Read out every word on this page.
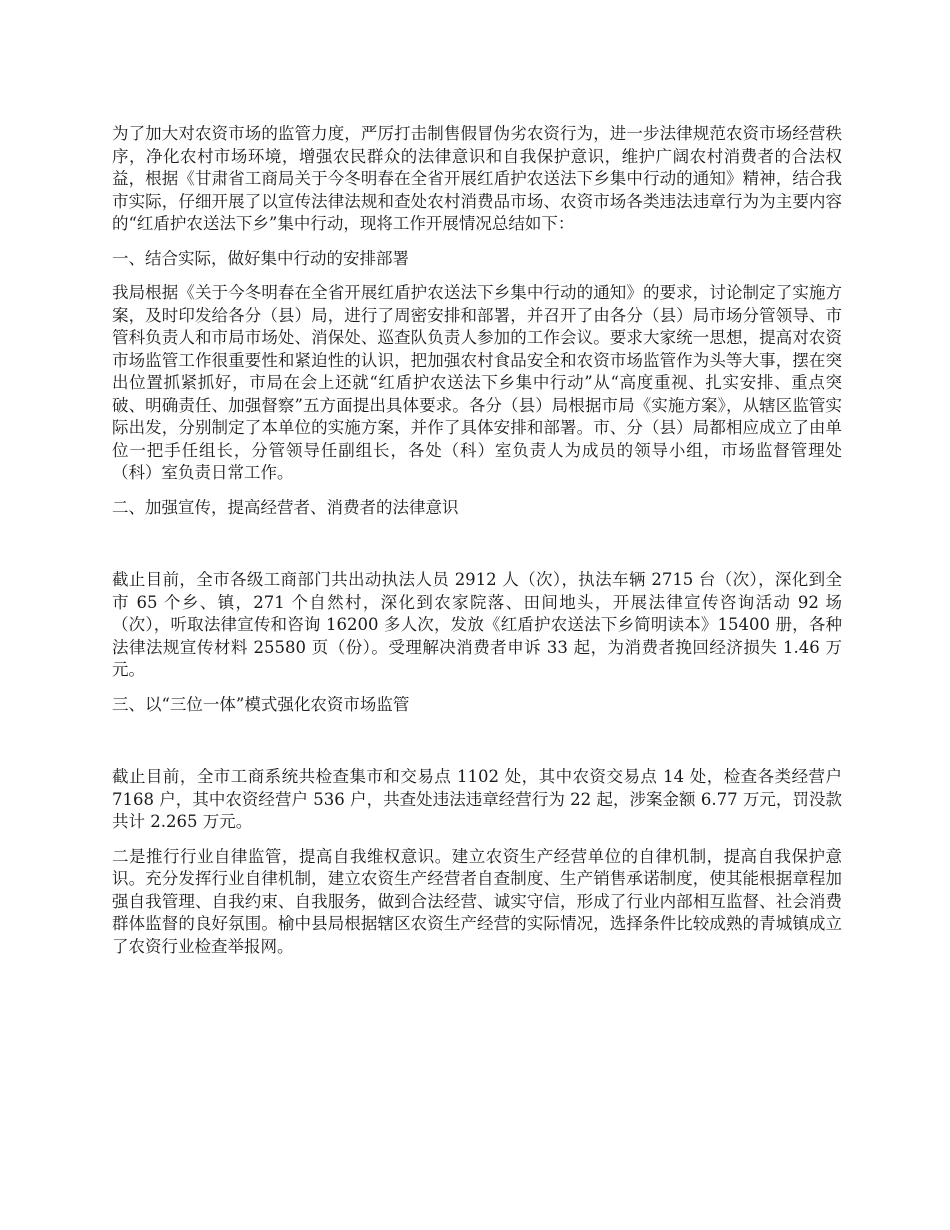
为了加大对农资市场的监管力度，严厉打击制售假冒伪劣农资行为，进一步法律规范农资市场经营秩序，净化农村市场环境，增强农民群众的法律意识和自我保护意识，维护广阔农村消费者的合法权益，根据《甘肃省工商局关于今冬明春在全省开展红盾护农送法下乡集中行动的通知》精神，结合我市实际，仔细开展了以宣传法律法规和查处农村消费品市场、农资市场各类违法违章行为为主要内容的“红盾护农送法下乡”集中行动，现将工作开展情况总结如下：

一、结合实际，做好集中行动的安排部署

我局根据《关于今冬明春在全省开展红盾护农送法下乡集中行动的通知》的要求，讨论制定了实施方案，及时印发给各分（县）局，进行了周密安排和部署，并召开了由各分（县）局市场分管领导、市管科负责人和市局市场处、消保处、巡查队负责人参加的工作会议。要求大家统一思想，提高对农资市场监管工作很重要性和紧迫性的认识，把加强农村食品安全和农资市场监管作为头等大事，摆在突出位置抓紧抓好，市局在会上还就“红盾护农送法下乡集中行动”从“高度重视、扎实安排、重点突破、明确责任、加强督察”五方面提出具体要求。各分（县）局根据市局《实施方案》，从辖区监管实际出发，分别制定了本单位的实施方案，并作了具体安排和部署。市、分（县）局都相应成立了由单位一把手任组长，分管领导任副组长，各处（科）室负责人为成员的领导小组，市场监督管理处（科）室负责日常工作。

二、加强宣传，提高经营者、消费者的法律意识

截止目前，全市各级工商部门共出动执法人员 2912 人（次），执法车辆 2715 台（次），深化到全市 65 个乡、镇，271 个自然村，深化到农家院落、田间地头，开展法律宣传咨询活动 92 场（次），听取法律宣传和咨询 16200 多人次，发放《红盾护农送法下乡简明读本》15400 册，各种法律法规宣传材料 25580 页（份）。受理解决消费者申诉 33 起，为消费者挽回经济损失 1.46 万元。

三、以“三位一体”模式强化农资市场监管

截止目前，全市工商系统共检查集市和交易点 1102 处，其中农资交易点 14 处，检查各类经营户 7168 户，其中农资经营户 536 户，共查处违法违章经营行为 22 起，涉案金额 6.77 万元，罚没款共计 2.265 万元。

二是推行行业自律监管，提高自我维权意识。建立农资生产经营单位的自律机制，提高自我保护意识。充分发挥行业自律机制，建立农资生产经营者自查制度、生产销售承诺制度，使其能根据章程加强自我管理、自我约束、自我服务，做到合法经营、诚实守信，形成了行业内部相互监督、社会消费群体监督的良好氛围。榆中县局根据辖区农资生产经营的实际情况，选择条件比较成熟的青城镇成立了农资行业检查举报网。
